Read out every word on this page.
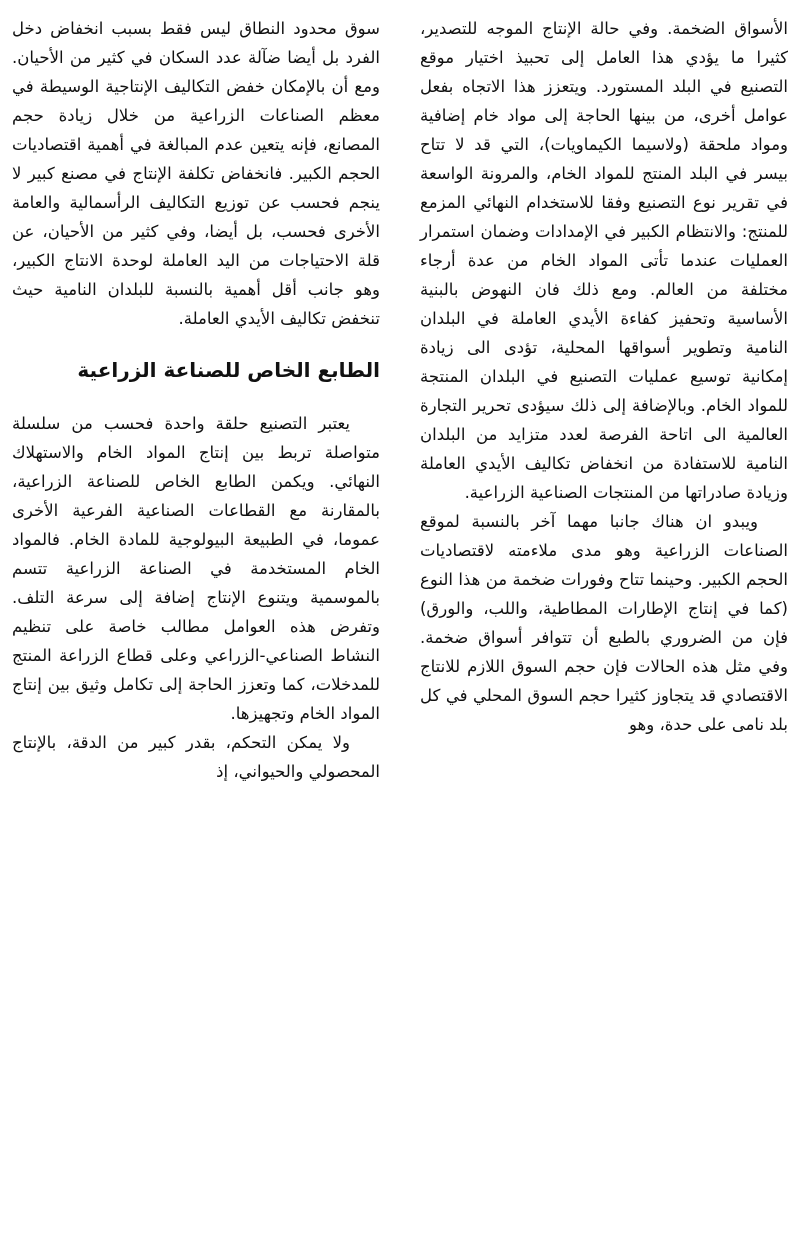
الأسواق الضخمة. وفي حالة الإنتاج الموجه للتصدير، كثيرا ما يؤدي هذا العامل إلى تحبيذ اختيار موقع التصنيع في البلد المستورد. ويتعزز هذا الاتجاه بفعل عوامل أخرى، من بينها الحاجة إلى مواد خام إضافية ومواد ملحقة (ولاسيما الكيماويات)، التي قد لا تتاح بيسر في البلد المنتج للمواد الخام، والمرونة الواسعة في تقرير نوع التصنيع وفقا للاستخدام النهائي المزمع للمنتج: والانتظام الكبير في الإمدادات وضمان استمرار العمليات عندما تأتى المواد الخام من عدة أرجاء مختلفة من العالم. ومع ذلك فان النهوض بالبنية الأساسية وتحفيز كفاءة الأيدي العاملة في البلدان النامية وتطوير أسواقها المحلية، تؤدى الى زيادة إمكانية توسيع عمليات التصنيع في البلدان المنتجة للمواد الخام. وبالإضافة إلى ذلك سيؤدى تحرير التجارة العالمية الى اتاحة الفرصة لعدد متزايد من البلدان النامية للاستفادة من انخفاض تكاليف الأيدي العاملة وزيادة صادراتها من المنتجات الصناعية الزراعية.

ويبدو ان هناك جانبا مهما آخر بالنسبة لموقع الصناعات الزراعية وهو مدى ملاءمته لاقتصاديات الحجم الكبير. وحينما تتاح وفورات ضخمة من هذا النوع (كما في إنتاج الإطارات المطاطية، واللب، والورق) فإن من الضروري بالطبع أن تتوافر أسواق ضخمة. وفي مثل هذه الحالات فإن حجم السوق اللازم للانتاج الاقتصادي قد يتجاوز كثيرا حجم السوق المحلي في كل بلد نامى على حدة، وهو

سوق محدود النطاق ليس فقط بسبب انخفاض دخل الفرد بل أيضا ضآلة عدد السكان في كثير من الأحيان. ومع أن بالإمكان خفض التكاليف الإنتاجية الوسيطة في معظم الصناعات الزراعية من خلال زيادة حجم المصانع، فإنه يتعين عدم المبالغة في أهمية اقتصاديات الحجم الكبير. فانخفاض تكلفة الإنتاج في مصنع كبير لا ينجم فحسب عن توزيع التكاليف الرأسمالية والعامة الأخرى فحسب، بل أيضا، وفي كثير من الأحيان، عن قلة الاحتياجات من اليد العاملة لوحدة الانتاج الكبير، وهو جانب أقل أهمية بالنسبة للبلدان النامية حيث تنخفض تكاليف الأيدي العاملة.

الطابع الخاص للصناعة الزراعية

يعتبر التصنيع حلقة واحدة فحسب من سلسلة متواصلة تربط بين إنتاج المواد الخام والاستهلاك النهائي. ويكمن الطابع الخاص للصناعة الزراعية، بالمقارنة مع القطاعات الصناعية الفرعية الأخرى عموما، في الطبيعة البيولوجية للمادة الخام. فالمواد الخام المستخدمة في الصناعة الزراعية تتسم بالموسمية ويتنوع الإنتاج إضافة إلى سرعة التلف. وتفرض هذه العوامل مطالب خاصة على تنظيم النشاط الصناعي-الزراعي وعلى قطاع الزراعة المنتج للمدخلات، كما وتعزز الحاجة إلى تكامل وثيق بين إنتاج المواد الخام وتجهيزها.

ولا يمكن التحكم، بقدر كبير من الدقة، بالإنتاج المحصولي والحيواني، إذ
